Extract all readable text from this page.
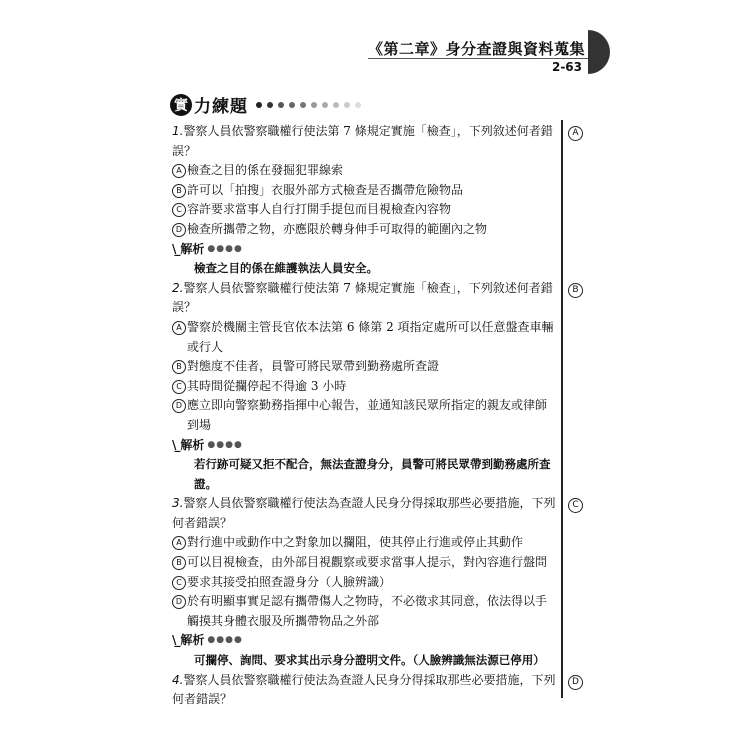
《第二章》身分查證與資料蒐集
2-63
實 力練題
1.警察人員依警察職權行使法第 7 條規定實施「檢查」，下列敘述何者錯
誤？
A
A 檢查之目的係在發掘犯罪線索
B 許可以「拍搜」衣服外部方式檢查是否攜帶危險物品
C 容許要求當事人自行打開手提包而目視檢查內容物
D 檢查所攜帶之物，亦應限於轉身伸手可取得的範圍內之物
\_ 解析 ●●●●
檢查之目的係在維護執法人員安全。
2.警察人員依警察職權行使法第 7 條規定實施「檢查」，下列敘述何者錯
誤？
B
A 警察於機關主管長官依本法第 6 條第 2 項指定處所可以任意盤查車輛或行人
B 對態度不佳者，員警可將民眾帶到勤務處所查證
C 其時間從攔停起不得逾 3 小時
D 應立即向警察勤務指揮中心報告，並通知該民眾所指定的親友或律師到場
\_ 解析 ●●●●
若行跡可疑又拒不配合，無法查證身分，員警可將民眾帶到勤務處所查證。
3.警察人員依警察職權行使法為查證人民身分得採取那些必要措施，下列
何者錯誤？
C
A 對行進中或動作中之對象加以攔阻，使其停止行進或停止其動作
B 可以目視檢查，由外部目視觀察或要求當事人提示，對內容進行盤問
C 要求其接受拍照查證身分（人臉辨識）
D 於有明顯事實足認有攜帶傷人之物時，不必徵求其同意，依法得以手觸摸其身體衣服及所攜帶物品之外部
\_ 解析 ●●●●
可攔停、詢問、要求其出示身分證明文件。（人臉辨識無法源已停用）
4.警察人員依警察職權行使法為查證人民身分得採取那些必要措施，下列
何者錯誤？
D
